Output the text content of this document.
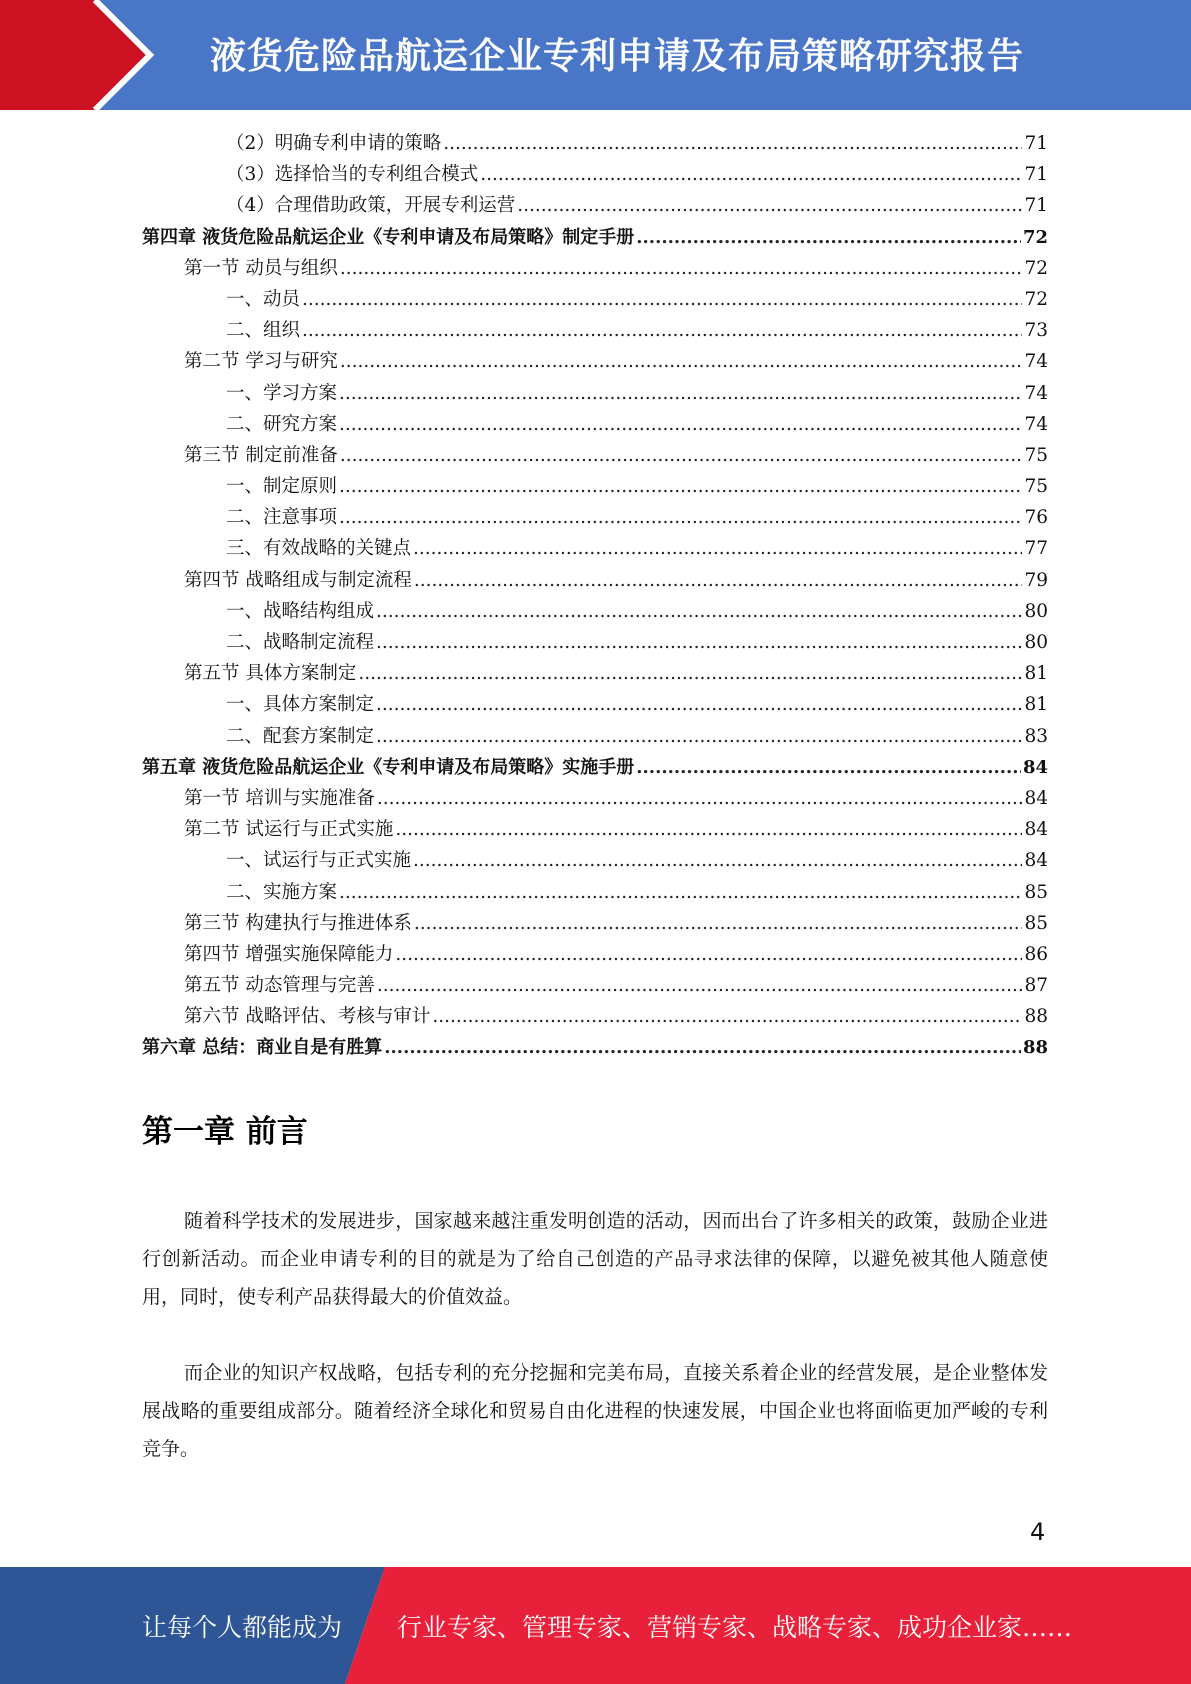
液货危险品航运企业专利申请及布局策略研究报告
（2）明确专利申请的策略 .....	71
（3）选择恰当的专利组合模式 .....	71
（4）合理借助政策，开展专利运营 .....	71
第四章 液货危险品航运企业《专利申请及布局策略》制定手册 .....	72
第一节 动员与组织 .....	72
一、动员 .....	72
二、组织 .....	73
第二节 学习与研究 .....	74
一、学习方案 .....	74
二、研究方案 .....	74
第三节 制定前准备 .....	75
一、制定原则 .....	75
二、注意事项 .....	76
三、有效战略的关键点 .....	77
第四节 战略组成与制定流程 .....	79
一、战略结构组成 .....	80
二、战略制定流程 .....	80
第五节 具体方案制定 .....	81
一、具体方案制定 .....	81
二、配套方案制定 .....	83
第五章 液货危险品航运企业《专利申请及布局策略》实施手册 .....	84
第一节 培训与实施准备 .....	84
第二节 试运行与正式实施 .....	84
一、试运行与正式实施 .....	84
二、实施方案 .....	85
第三节 构建执行与推进体系 .....	85
第四节 增强实施保障能力 .....	86
第五节 动态管理与完善 .....	87
第六节 战略评估、考核与审计 .....	88
第六章 总结：商业自是有胜算 .....	88
第一章 前言

随着科学技术的发展进步，国家越来越注重发明创造的活动，因而出台了许多相关的政策，鼓励企业进行创新活动。而企业申请专利的目的就是为了给自己创造的产品寻求法律的保障，以避免被其他人随意使用，同时，使专利产品获得最大的价值效益。

而企业的知识产权战略，包括专利的充分挖掘和完美布局，直接关系着企业的经营发展，是企业整体发展战略的重要组成部分。随着经济全球化和贸易自由化进程的快速发展，中国企业也将面临更加严峻的专利竞争。

4
让每个人都能成为 行业专家、管理专家、营销专家、战略专家、成功企业家……
